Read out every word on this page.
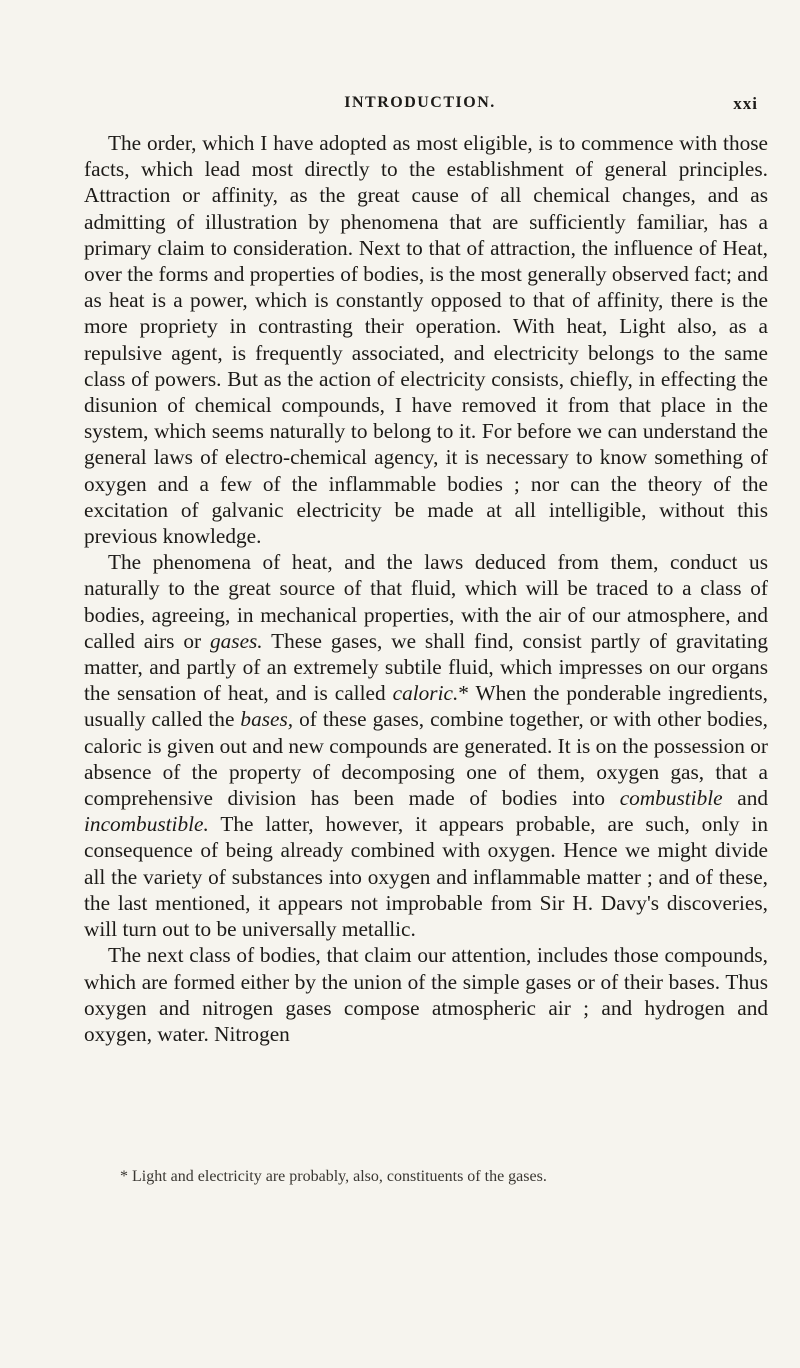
INTRODUCTION.	xxi

The order, which I have adopted as most eligible, is to commence with those facts, which lead most directly to the establishment of general principles. Attraction or affinity, as the great cause of all chemical changes, and as admitting of illustration by phenomena that are sufficiently familiar, has a primary claim to consideration. Next to that of attraction, the influence of Heat, over the forms and properties of bodies, is the most generally observed fact; and as heat is a power, which is constantly opposed to that of affinity, there is the more propriety in contrasting their operation. With heat, Light also, as a repulsive agent, is frequently associated, and electricity belongs to the same class of powers. But as the action of electricity consists, chiefly, in effecting the disunion of chemical compounds, I have removed it from that place in the system, which seems naturally to belong to it. For before we can understand the general laws of electro-chemical agency, it is necessary to know something of oxygen and a few of the inflammable bodies ; nor can the theory of the excitation of galvanic electricity be made at all intelligible, without this previous knowledge.

The phenomena of heat, and the laws deduced from them, conduct us naturally to the great source of that fluid, which will be traced to a class of bodies, agreeing, in mechanical properties, with the air of our atmosphere, and called airs or gases. These gases, we shall find, consist partly of gravitating matter, and partly of an extremely subtile fluid, which impresses on our organs the sensation of heat, and is called caloric.* When the ponderable ingredients, usually called the bases, of these gases, combine together, or with other bodies, caloric is given out and new compounds are generated. It is on the possession or absence of the property of decomposing one of them, oxygen gas, that a comprehensive division has been made of bodies into combustible and incombustible. The latter, however, it appears probable, are such, only in consequence of being already combined with oxygen. Hence we might divide all the variety of substances into oxygen and inflammable matter ; and of these, the last mentioned, it appears not improbable from Sir H. Davy's discoveries, will turn out to be universally metallic.

The next class of bodies, that claim our attention, includes those compounds, which are formed either by the union of the simple gases or of their bases. Thus oxygen and nitrogen gases compose atmospheric air ; and hydrogen and oxygen, water. Nitrogen

* Light and electricity are probably, also, constituents of the gases.
